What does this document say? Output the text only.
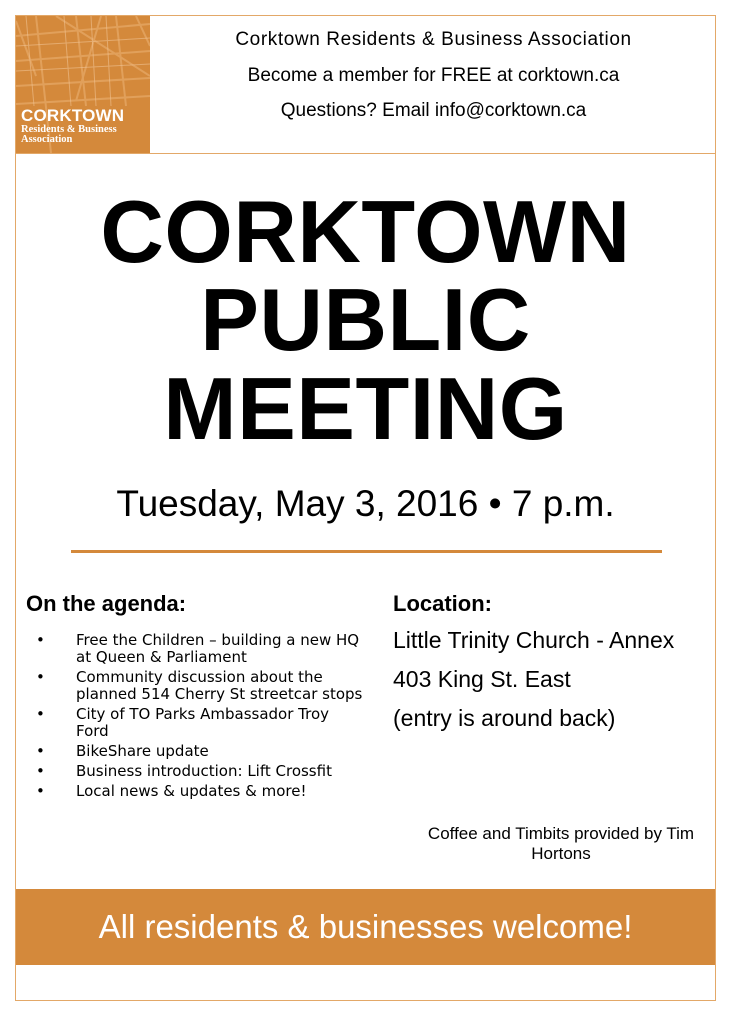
CORKTOWN
Residents & Business Association
Corktown Residents & Business Association
Become a member for FREE at corktown.ca
Questions? Email info@corktown.ca
CORKTOWN
PUBLIC
MEETING
Tuesday, May 3, 2016 • 7 p.m.
On the agenda:
• Free the Children – building a new HQ at Queen & Parliament
• Community discussion about the planned 514 Cherry St streetcar stops
• City of TO Parks Ambassador Troy Ford
• BikeShare update
• Business introduction: Lift Crossfit
• Local news & updates & more!
Location:
Little Trinity Church - Annex
403 King St. East
(entry is around back)
Coffee and Timbits provided by Tim Hortons
All residents & businesses welcome!
